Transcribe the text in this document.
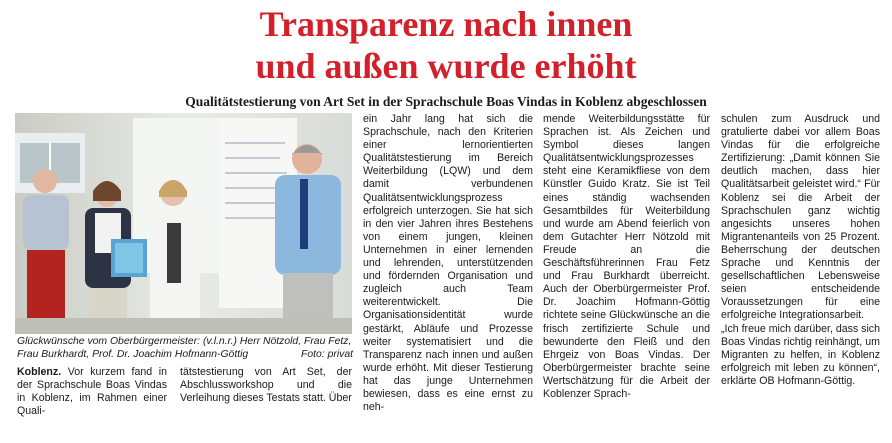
Transparenz nach innen
und außen wurde erhöht
Qualitätstestierung von Art Set in der Sprachschule Boas Vindas in Koblenz abgeschlossen
Glückwünsche vom Oberbürgermeister: (v.l.n.r.) Herr Nötzold, Frau Fetz, Frau Burkhardt, Prof. Dr. Joachim Hofmann-Göttig	Foto: privat

Koblenz. Vor kurzem fand in der Sprachschule Boas Vindas in Koblenz, im Rahmen einer Quali-

tätstestierung von Art Set, der Abschlussworkshop und die Verleihung dieses Testats statt. Über

ein Jahr lang hat sich die Sprachschule, nach den Kriterien einer lernorientierten Qualitätstestierung im Bereich Weiterbildung (LQW) und dem damit verbundenen Qualitätsentwicklungsprozess erfolgreich unterzogen. Sie hat sich in den vier Jahren ihres Bestehens von einem jungen, kleinen Unternehmen in einer lernenden und lehrenden, unterstützenden und fördernden Organisation und zugleich auch Team weiterentwickelt. Die Organisationsidentität wurde gestärkt, Abläufe und Prozesse weiter systematisiert und die Transparenz nach innen und außen wurde erhöht. Mit dieser Testierung hat das junge Unternehmen bewiesen, dass es eine ernst zu neh-

mende Weiterbildungsstätte für Sprachen ist. Als Zeichen und Symbol dieses langen Qualitätsentwicklungsprozesses steht eine Keramikfliese von dem Künstler Guido Kratz. Sie ist Teil eines ständig wachsenden Gesamtbildes für Weiterbildung und wurde am Abend feierlich von dem Gutachter Herr Nötzold mit Freude an die Geschäftsführerinnen Frau Fetz und Frau Burkhardt überreicht. Auch der Oberbürgermeister Prof. Dr. Joachim Hofmann-Göttig richtete seine Glückwünsche an die frisch zertifizierte Schule und bewunderte den Fleiß und den Ehrgeiz von Boas Vindas. Der Oberbürgermeister brachte seine Wertschätzung für die Arbeit der Koblenzer Sprach-

schulen zum Ausdruck und gratulierte dabei vor allem Boas Vindas für die erfolgreiche Zertifizierung: „Damit können Sie deutlich machen, dass hier Qualitätsarbeit geleistet wird.“ Für Koblenz sei die Arbeit der Sprachschulen ganz wichtig angesichts unseres hohen Migrantenanteils von 25 Prozent. Beherrschung der deutschen Sprache und Kenntnis der gesellschaftlichen Lebensweise seien entscheidende Voraussetzungen für eine erfolgreiche Integrationsarbeit.

„Ich freue mich darüber, dass sich Boas Vindas richtig reinhängt, um Migranten zu helfen, in Koblenz erfolgreich mit leben zu können“, erklärte OB Hofmann-Göttig.
